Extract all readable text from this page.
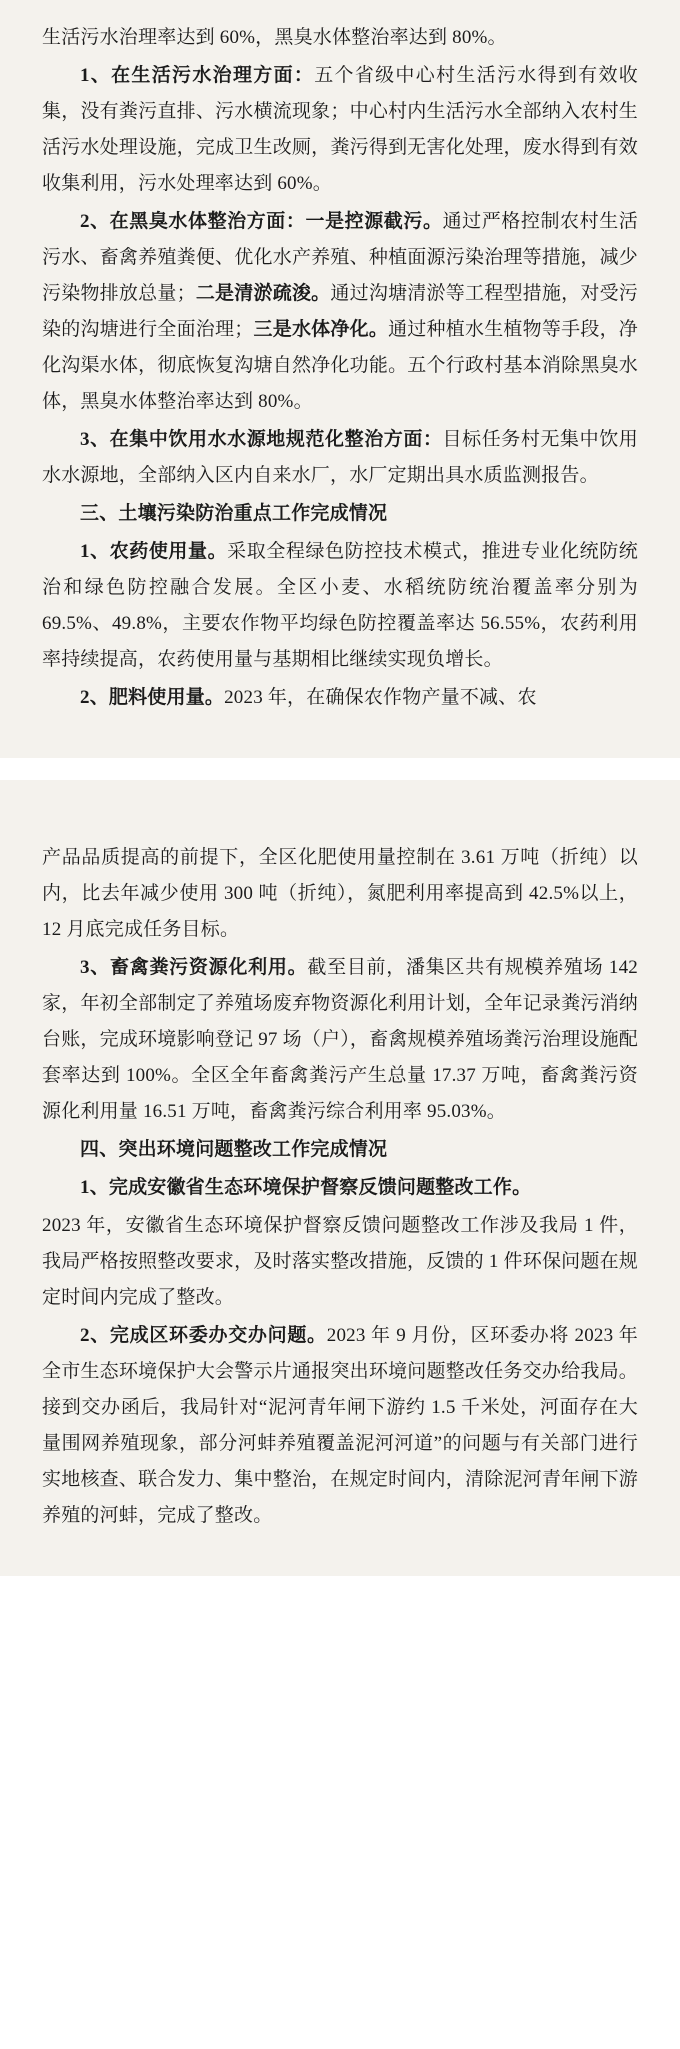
生活污水治理率达到 60%，黑臭水体整治率达到 80%。

1、在生活污水治理方面：五个省级中心村生活污水得到有效收集，没有粪污直排、污水横流现象；中心村内生活污水全部纳入农村生活污水处理设施，完成卫生改厕，粪污得到无害化处理，废水得到有效收集利用，污水处理率达到 60%。

2、在黑臭水体整治方面：一是控源截污。通过严格控制农村生活污水、畜禽养殖粪便、优化水产养殖、种植面源污染治理等措施，减少污染物排放总量；二是清淤疏浚。通过沟塘清淤等工程型措施，对受污染的沟塘进行全面治理；三是水体净化。通过种植水生植物等手段，净化沟渠水体，彻底恢复沟塘自然净化功能。五个行政村基本消除黑臭水体，黑臭水体整治率达到 80%。

3、在集中饮用水水源地规范化整治方面：目标任务村无集中饮用水水源地，全部纳入区内自来水厂，水厂定期出具水质监测报告。

三、土壤污染防治重点工作完成情况

1、农药使用量。采取全程绿色防控技术模式，推进专业化统防统治和绿色防控融合发展。全区小麦、水稻统防统治覆盖率分别为 69.5%、49.8%，主要农作物平均绿色防控覆盖率达 56.55%，农药利用率持续提高，农药使用量与基期相比继续实现负增长。

2、肥料使用量。2023 年，在确保农作物产量不减、农

产品品质提高的前提下，全区化肥使用量控制在 3.61 万吨（折纯）以内，比去年减少使用 300 吨（折纯），氮肥利用率提高到 42.5%以上，12 月底完成任务目标。

3、畜禽粪污资源化利用。截至目前，潘集区共有规模养殖场 142 家，年初全部制定了养殖场废弃物资源化利用计划，全年记录粪污消纳台账，完成环境影响登记 97 场（户），畜禽规模养殖场粪污治理设施配套率达到 100%。全区全年畜禽粪污产生总量 17.37 万吨，畜禽粪污资源化利用量 16.51 万吨，畜禽粪污综合利用率 95.03%。

四、突出环境问题整改工作完成情况

1、完成安徽省生态环境保护督察反馈问题整改工作。

2023 年，安徽省生态环境保护督察反馈问题整改工作涉及我局 1 件，我局严格按照整改要求，及时落实整改措施，反馈的 1 件环保问题在规定时间内完成了整改。

2、完成区环委办交办问题。2023 年 9 月份，区环委办将 2023 年全市生态环境保护大会警示片通报突出环境问题整改任务交办给我局。接到交办函后，我局针对“泥河青年闸下游约 1.5 千米处，河面存在大量围网养殖现象，部分河蚌养殖覆盖泥河河道”的问题与有关部门进行实地核查、联合发力、集中整治，在规定时间内，清除泥河青年闸下游养殖的河蚌，完成了整改。
